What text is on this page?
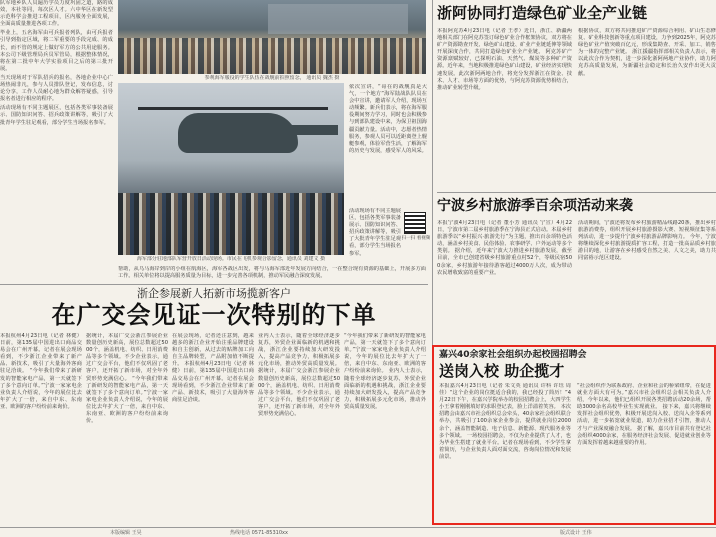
队军地乡队人员遍历学员力度巩固之道，路的成效，本社等同，每次区人才。六中华区在新发型示范科学会推进工程项目，区内服务全面发展，全面高质量推进各项工作。
毕业上，五名海军由可兵报者列队，由可兵报者引导到指定区域，将二军重要的手段完成、的成长，而不管的规定上做好军方的公共用途服务。本公司下级管理局兵员军管局，根据整体情况，将在第二批中年大学实验项目之后的第三批开展。
当天现场对于军队招兵的报名，各地企业中心广场热闹非凡，参与人员排队登记，发布信息，讨论分享，工作人员耐心地为群众解答疑惑，引导报名者进行相应的程序。
活动现场有不同主题展区，包括各类军事装备展示、国防知识问答、招兵政策讲解等，吸引了大批青年学生驻足观看，部分学生当场报名参军。
参观海军服役的学生队伍在战舰前拍照留念， 通讯员 魏杰 摄
海军部分驻地部队军营开放日活动现场。市民在飞机参观合影留念，通讯员 刘建文 摄
依次宣讲，“哥在的战舰真是大气，一个地方”海军陆战队队员在会中宣讲，邀请军人介绍，现场互动频繁。新兵们表示，将在海军服役期间努力学习，同时也会积极参与到部队建设中来，为保卫祖国海疆贡献力量。活动中，志愿者热情服务，参观人员可以近距离登上舰艇参观，体验军营生活，了解海军的历史与发展，感受军人的风采。
活动现场有不同主题展区，包括各类军事装备展示、国防知识问答、招兵政策讲解等，吸引了大批青年学生驻足观看，部分学生当场报名参军。
扫一扫 看视频
帮助，从乌马海岸到岸的小组在航海区，海军各战区出发，将与马海军部近年发展方向结合，一在整合现有资源的基础上，开展多方面工作。相关单位将以提高服务质量为目标，进一步完善各项机制，推动军民融合深度发展。
浙企参展新人拓新市场揽新客户
在广交会见证一次特别的下单
本报杭州4月23日电（记者 林健）日前，第135届中国进出口商品交易会在广州开幕。记者在展会现场看到，不少浙江企业带来了新产品、新技术，吸引了大量海外客商驻足洽谈。 “今年我们带来了新研发的智能家电产品，第一天就签下了多个意向订单。”宁波一家家电企业负责人介绍说，今年的展位比去年扩大了一倍，来自中东、东南亚、欧洲的客户纷纷前来询价。
据统计，本届广交会浙江参展企业数量创历史新高，展位总数超过5000个，涵盖机电、纺织、日用消费品等多个领域。不少企业表示，通过广交会平台，他们不仅巩固了老客户，还开拓了新市场，对全年外贸形势充满信心。 “今年我们带来了新研发的智能家电产品，第一天就签下了多个意向订单。”宁波一家家电企业负责人介绍说，今年的展位比去年扩大了一倍，来自中东、东南亚、欧洲的客户纷纷前来询价。
在展会现场，记者还注意到，越来越多的浙江企业开始注重品牌建设和自主创新，从过去的贴牌加工向自主品牌转型，产品附加值不断提升。 本报杭州4月23日电（记者 林健）日前，第135届中国进出口商品交易会在广州开幕。记者在展会现场看到，不少浙江企业带来了新产品、新技术，吸引了大量海外客商驻足洽谈。
业内人士表示，随着全球经济逐步复苏，外贸企业面临新的机遇和挑战，浙江企业要持续加大研发投入，提高产品竞争力，积极拓展多元化市场，推动外贸高质量发展。 据统计，本届广交会浙江参展企业数量创历史新高，展位总数超过5000个，涵盖机电、纺织、日用消费品等多个领域。不少企业表示，通过广交会平台，他们不仅巩固了老客户，还开拓了新市场，对全年外贸形势充满信心。
“今年我们带来了新研发的智能家电产品，第一天就签下了多个意向订单。”宁波一家家电企业负责人介绍说，今年的展位比去年扩大了一倍，来自中东、东南亚、欧洲的客户纷纷前来询价。 业内人士表示，随着全球经济逐步复苏，外贸企业面临新的机遇和挑战，浙江企业要持续加大研发投入，提高产品竞争力，积极拓展多元化市场，推动外贸高质量发展。
浙阿协同打造绿色矿业全产业链
本报阿克苏4月23日电（记者 王孝）近日，浙江、新疆两地相关部门在阿克苏签订绿色矿业合作框架协议，双方将在矿产资源勘查开发、绿色矿山建设、矿业产业链延伸等领域开展深度合作，共同打造绿色矿业全产业链。 阿克苏矿产资源禀赋较好，已探明石油、天然气、煤炭等多种矿产资源。近年来，当地积极推进绿色矿山建设，矿业经济实现快速发展。此次浙阿两地合作，将充分发挥浙江在资金、技术、人才、市场等方面的优势，与阿克苏资源优势相结合，推动矿业转型升级。
根据协议，双方将共同推进矿产资源综合利用、矿山生态修复、矿业科技创新等重点项目建设，力争到2025年，阿克苏绿色矿业产值突破百亿元，形成集勘查、开采、加工、销售为一体的完整产业链。 浙江援疆指挥部相关负责人表示，将以此次合作为契机，进一步深化浙阿两地产业协作，助力阿克苏高质量发展，为新疆社会稳定和长治久安作出更大贡献。
宁波乡村旅游季百余项活动来袭
本报宁波4月23日电（记者 董小芳 通讯员 宁宣）4月22日，宁波市第二届乡村旅游季在宁海县正式启动。本届乡村旅游季以“乡村振兴·旅游先行”为主题，推出百余项特色活动，涵盖乡村美食、民俗体验、农事研学、户外运动等多个类别。 据介绍，近年来宁波大力推进乡村旅游发展，截至目前，全市已创建省级乡村旅游重点村52个，等级民宿500余家，乡村旅游年接待游客超过4000万人次，成为带动农民增收致富的重要产业。
活动期间，宁波还将发布乡村旅游精品线路20条，推出乡村旅游消费券，组织开展乡村旅游摄影大赛、短视频征集等系列活动，进一步提升宁波乡村旅游品牌影响力。 今年，宁波将继续深化乡村旅游提质扩容工程，打造一批高品质乡村旅游目的地，让游客在乡村感受自然之美、人文之美，助力共同富裕示范区建设。
嘉兴40余家社会组织办起校园招聘会
送岗入校 助企揽才
本报嘉兴4月23日电（记者 朱文英 通讯员 许科 许珏 周佳）“这个企业的岗位挺适合我的，我已经投了简历！”4月22日下午，在嘉兴学院举办的校园招聘会上，大四学生小王拿着刚刚填好的求职登记表，脸上洋溢着笑容。 本次招聘会由嘉兴市社会组织总会牵头，40余家社会组织联合举办，共吸引了100余家企业参会，提供就业岗位2000余个，涵盖智能制造、电子信息、新能源、现代服务业等多个领域。 一场校园招聘会，不仅为企业提供了人才，也为毕业生搭建了就业平台。记者在现场看到，不少学生拿着简历，与企业负责人面对面交流，咨询岗位情况和发展前景。
“社会组织作为联系政府、企业和社会的桥梁纽带，在促进就业方面大有可为。”嘉兴市社会组织总会相关负责人介绍，今年以来，他们已组织开展各类招聘活动20余场，帮助3000余名高校毕业生实现就业。 接下来，嘉兴将继续发挥社会组织优势，积极开展送岗入校、送岗入企等系列活动，进一步拓宽就业渠道，助力企业招才引智，推动人才与产业深度融合发展。 据了解，嘉兴市目前共有登记社会组织4000余家，在服务经济社会发展、促进就业创业等方面发挥着越来越重要的作用。
本版编辑 王昊	热线电话 0571-85310xx	版式设计 王伟
